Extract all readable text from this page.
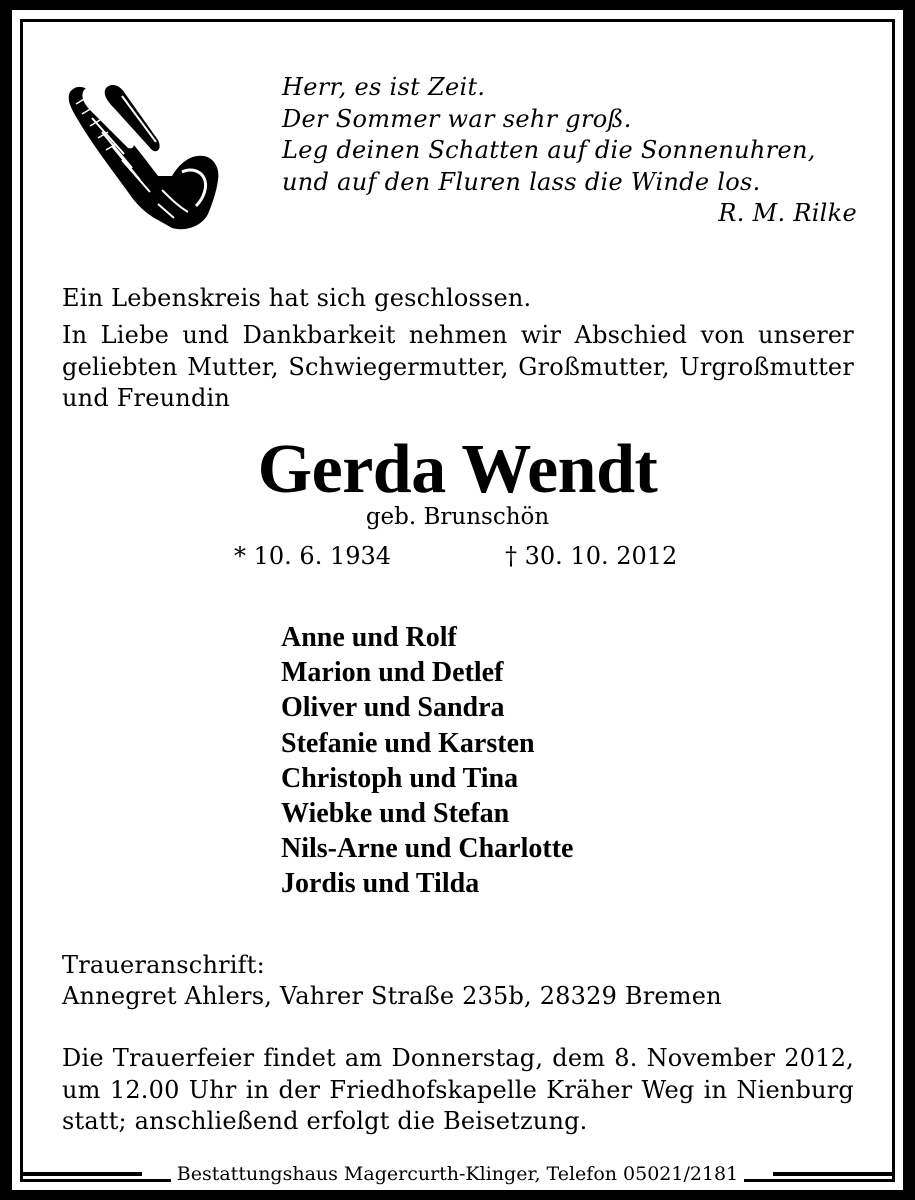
Herr, es ist Zeit.
Der Sommer war sehr groß.
Leg deinen Schatten auf die Sonnenuhren,
und auf den Fluren lass die Winde los.
R. M. Rilke
Ein Lebenskreis hat sich geschlossen.
In Liebe und Dankbarkeit nehmen wir Abschied von unserer geliebten Mutter, Schwiegermutter, Großmutter, Urgroßmutter und Freundin
Gerda Wendt
geb. Brunschön
* 10. 6. 1934	† 30. 10. 2012
Anne und Rolf
Marion und Detlef
Oliver und Sandra
Stefanie und Karsten
Christoph und Tina
Wiebke und Stefan
Nils-Arne und Charlotte
Jordis und Tilda
Traueranschrift:
Annegret Ahlers, Vahrer Straße 235b, 28329 Bremen
Die Trauerfeier findet am Donnerstag, dem 8. November 2012, um 12.00 Uhr in der Friedhofskapelle Kräher Weg in Nienburg statt; anschließend erfolgt die Beisetzung.
Bestattungshaus Magercurth-Klinger, Telefon 05021/2181
